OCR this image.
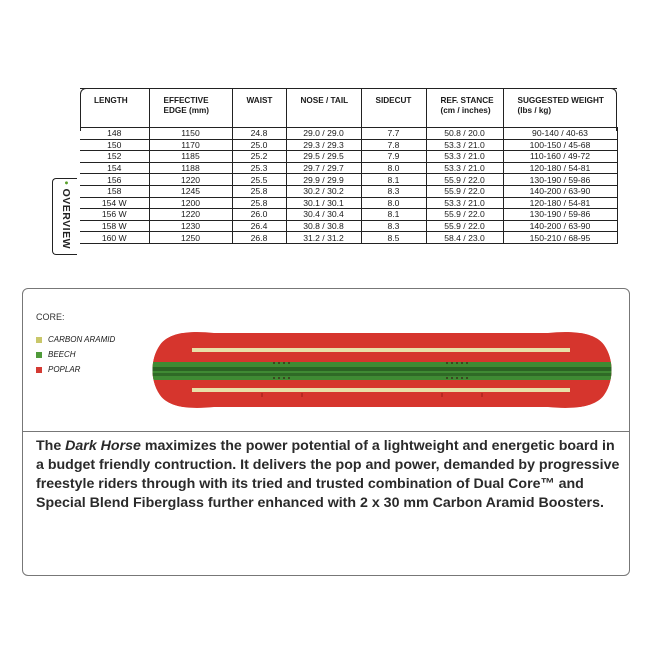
LENGTH	EFFECTIVE EDGE (mm)	WAIST	NOSE / TAIL	SIDECUT	REF. STANCE (cm / inches)	SUGGESTED WEIGHT (lbs / kg)
148	1150	24.8	29.0 / 29.0	7.7	50.8 / 20.0	90-140 / 40-63
150	1170	25.0	29.3 / 29.3	7.8	53.3 / 21.0	100-150 / 45-68
152	1185	25.2	29.5 / 29.5	7.9	53.3 / 21.0	110-160 / 49-72
154	1188	25.3	29.7 / 29.7	8.0	53.3 / 21.0	120-180 / 54-81
156	1220	25.5	29.9 / 29.9	8.1	55.9 / 22.0	130-190 / 59-86
158	1245	25.8	30.2 / 30.2	8.3	55.9 / 22.0	140-200 / 63-90
154 W	1200	25.8	30.1 / 30.1	8.0	53.3 / 21.0	120-180 / 54-81
156 W	1220	26.0	30.4 / 30.4	8.1	55.9 / 22.0	130-190 / 59-86
158 W	1230	26.4	30.8 / 30.8	8.3	55.9 / 22.0	140-200 / 63-90
160 W	1250	26.8	31.2 / 31.2	8.5	58.4 / 23.0	150-210 / 68-95
• OVERVIEW
CORE:
CARBON ARAMID
BEECH
POPLAR
The Dark Horse maximizes the power potential of a lightweight and energetic board in a budget friendly contruction. It delivers the pop and power, demanded by progressive freestyle riders through with its tried and trusted combination of Dual Core™ and Special Blend Fiberglass further enhanced with 2 x 30 mm Carbon Aramid Boosters.
